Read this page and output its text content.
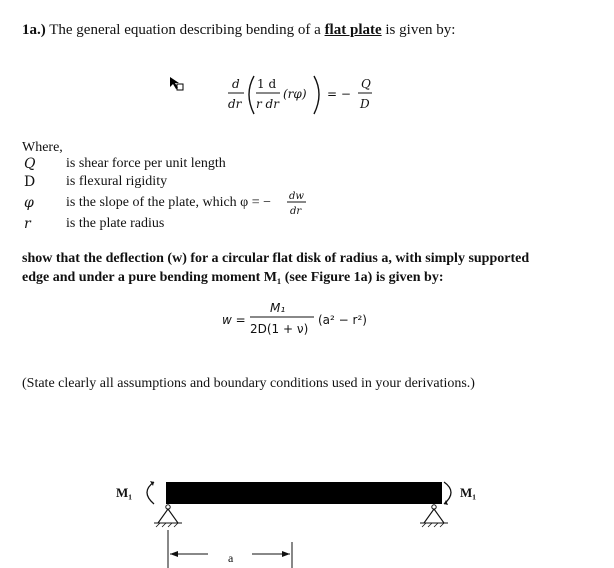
1a.) The general equation describing bending of a flat plate is given by:
d
dr
1 d
r dr
(rφ) = −
Q
D
Where,
Q is shear force per unit length
D is flexural rigidity
φ is the slope of the plate, which φ = − dw
dr
r	is the plate radius
show that the deflection (w) for a circular flat disk of radius a, with simply supported
edge and under a pure bending moment M₁ (see Figure 1a) is given by:
w =
M₁
2D(1 + ν)
(a² − r²)
(State clearly all assumptions and boundary conditions used in your derivations.)
M₁	M₁
a
